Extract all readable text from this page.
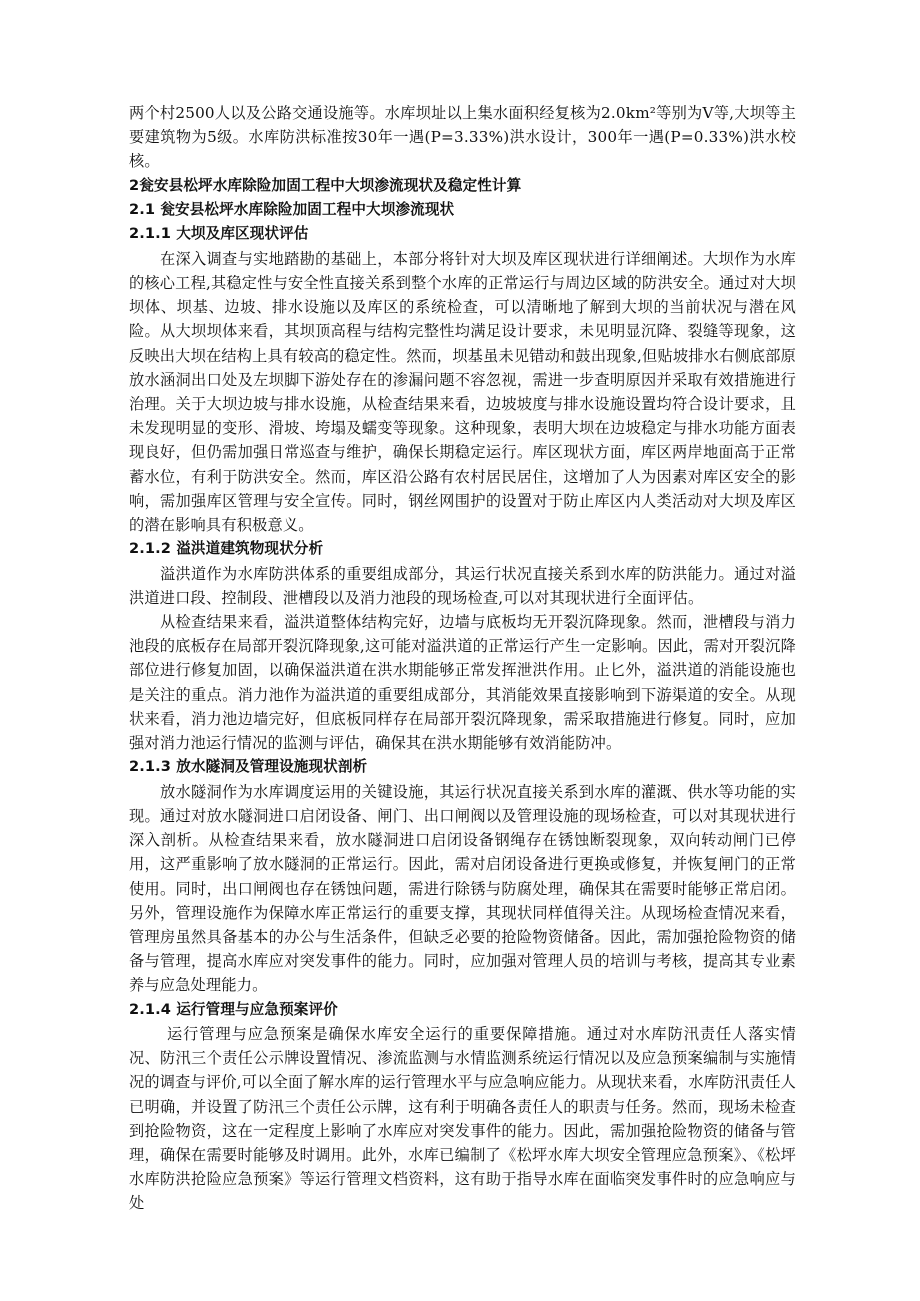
两个村2500人以及公路交通设施等。水库坝址以上集水面积经复核为2.0km²等别为V等,大坝等主要建筑物为5级。水库防洪标准按30年一遇(P=3.33%)洪水设计，300年一遇(P=0.33%)洪水校核。

2瓮安县松坪水库除险加固工程中大坝渗流现状及稳定性计算
2.1 瓮安县松坪水库除险加固工程中大坝渗流现状
2.1.1 大坝及库区现状评估

在深入调查与实地踏勘的基础上，本部分将针对大坝及库区现状进行详细阐述。大坝作为水库的核心工程,其稳定性与安全性直接关系到整个水库的正常运行与周边区域的防洪安全。通过对大坝坝体、坝基、边坡、排水设施以及库区的系统检查，可以清晰地了解到大坝的当前状况与潜在风险。从大坝坝体来看，其坝顶高程与结构完整性均满足设计要求，未见明显沉降、裂缝等现象，这反映出大坝在结构上具有较高的稳定性。然而，坝基虽未见错动和鼓出现象,但贴坡排水右侧底部原放水涵洞出口处及左坝脚下游处存在的渗漏问题不容忽视，需进一步查明原因并采取有效措施进行治理。关于大坝边坡与排水设施，从检查结果来看，边坡坡度与排水设施设置均符合设计要求，且未发现明显的变形、滑坡、垮塌及蠕变等现象。这种现象，表明大坝在边坡稳定与排水功能方面表现良好，但仍需加强日常巡查与维护，确保长期稳定运行。库区现状方面，库区两岸地面高于正常蓄水位，有利于防洪安全。然而，库区沿公路有农村居民居住，这增加了人为因素对库区安全的影响，需加强库区管理与安全宣传。同时，钢丝网围护的设置对于防止库区内人类活动对大坝及库区的潜在影响具有积极意义。

2.1.2 溢洪道建筑物现状分析

溢洪道作为水库防洪体系的重要组成部分，其运行状况直接关系到水库的防洪能力。通过对溢洪道进口段、控制段、泄槽段以及消力池段的现场检查,可以对其现状进行全面评估。

从检查结果来看，溢洪道整体结构完好，边墙与底板均无开裂沉降现象。然而，泄槽段与消力池段的底板存在局部开裂沉降现象,这可能对溢洪道的正常运行产生一定影响。因此，需对开裂沉降部位进行修复加固，以确保溢洪道在洪水期能够正常发挥泄洪作用。止匕外，溢洪道的消能设施也是关注的重点。消力池作为溢洪道的重要组成部分，其消能效果直接影响到下游渠道的安全。从现状来看，消力池边墙完好，但底板同样存在局部开裂沉降现象，需采取措施进行修复。同时，应加强对消力池运行情况的监测与评估，确保其在洪水期能够有效消能防冲。

2.1.3 放水隧洞及管理设施现状剖析

放水隧洞作为水库调度运用的关键设施，其运行状况直接关系到水库的灌溉、供水等功能的实现。通过对放水隧洞进口启闭设备、闸门、出口闸阀以及管理设施的现场检查，可以对其现状进行深入剖析。从检查结果来看，放水隧洞进口启闭设备钢绳存在锈蚀断裂现象，双向转动闸门已停用，这严重影响了放水隧洞的正常运行。因此，需对启闭设备进行更换或修复，并恢复闸门的正常使用。同时，出口闸阀也存在锈蚀问题，需进行除锈与防腐处理，确保其在需要时能够正常启闭。另外，管理设施作为保障水库正常运行的重要支撑，其现状同样值得关注。从现场检查情况来看，管理房虽然具备基本的办公与生活条件，但缺乏必要的抢险物资储备。因此，需加强抢险物资的储备与管理，提高水库应对突发事件的能力。同时，应加强对管理人员的培训与考核，提高其专业素养与应急处理能力。

2.1.4 运行管理与应急预案评价

运行管理与应急预案是确保水库安全运行的重要保障措施。通过对水库防汛责任人落实情况、防汛三个责任公示牌设置情况、渗流监测与水情监测系统运行情况以及应急预案编制与实施情况的调查与评价,可以全面了解水库的运行管理水平与应急响应能力。从现状来看，水库防汛责任人已明确，并设置了防汛三个责任公示牌，这有利于明确各责任人的职责与任务。然而，现场未检查到抢险物资，这在一定程度上影响了水库应对突发事件的能力。因此，需加强抢险物资的储备与管理，确保在需要时能够及时调用。此外，水库已编制了《松坪水库大坝安全管理应急预案》、《松坪水库防洪抢险应急预案》等运行管理文档资料，这有助于指导水库在面临突发事件时的应急响应与处
